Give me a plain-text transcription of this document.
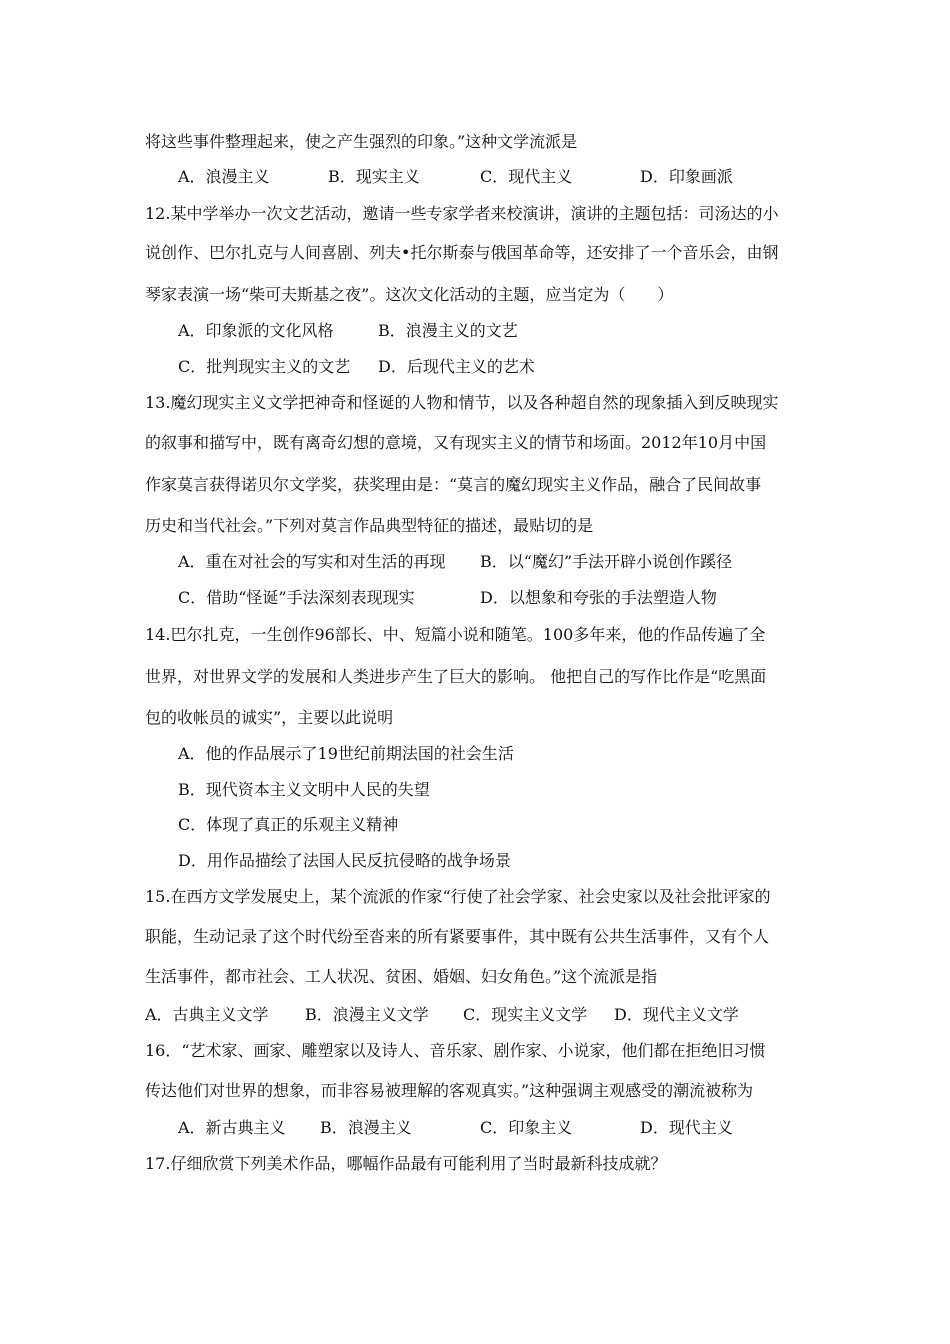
将这些事件整理起来，使之产生强烈的印象。”这种文学流派是
A．浪漫主义	B．现实主义	C．现代主义	D．印象画派
12.某中学举办一次文艺活动，邀请一些专家学者来校演讲，演讲的主题包括：司汤达的小
说创作、巴尔扎克与人间喜剧、列夫•托尔斯泰与俄国革命等，还安排了一个音乐会，由钢
琴家表演一场“柴可夫斯基之夜”。这次文化活动的主题，应当定为（　　）
A．印象派的文化风格	B．浪漫主义的文艺
C．批判现实主义的文艺 D．后现代主义的艺术
13.魔幻现实主义文学把神奇和怪诞的人物和情节，以及各种超自然的现象插入到反映现实
的叙事和描写中，既有离奇幻想的意境，又有现实主义的情节和场面。2012年10月中国
作家莫言获得诺贝尔文学奖，获奖理由是：“莫言的魔幻现实主义作品，融合了民间故事
历史和当代社会。”下列对莫言作品典型特征的描述，最贴切的是
A．重在对社会的写实和对生活的再现 B．以“魔幻”手法开辟小说创作蹊径
C．借助“怪诞”手法深刻表现现实	D．以想象和夸张的手法塑造人物
14.巴尔扎克，一生创作96部长、中、短篇小说和随笔。100多年来，他的作品传遍了全
世界，对世界文学的发展和人类进步产生了巨大的影响。 他把自己的写作比作是“吃黑面
包的收帐员的诚实”，主要以此说明
A．他的作品展示了19世纪前期法国的社会生活
B．现代资本主义文明中人民的失望
C．体现了真正的乐观主义精神
D．用作品描绘了法国人民反抗侵略的战争场景
15.在西方文学发展史上，某个流派的作家“行使了社会学家、社会史家以及社会批评家的
职能，生动记录了这个时代纷至沓来的所有紧要事件，其中既有公共生活事件，又有个人
生活事件，都市社会、工人状况、贫困、婚姻、妇女角色。”这个流派是指
A．古典主义文学 B．浪漫主义文学 C．现实主义文学 D．现代主义文学
16．“艺术家、画家、雕塑家以及诗人、音乐家、剧作家、小说家，他们都在拒绝旧习惯
传达他们对世界的想象，而非容易被理解的客观真实。”这种强调主观感受的潮流被称为
A．新古典主义 B．浪漫主义	C．印象主义	D．现代主义
17.仔细欣赏下列美术作品，哪幅作品最有可能利用了当时最新科技成就？
